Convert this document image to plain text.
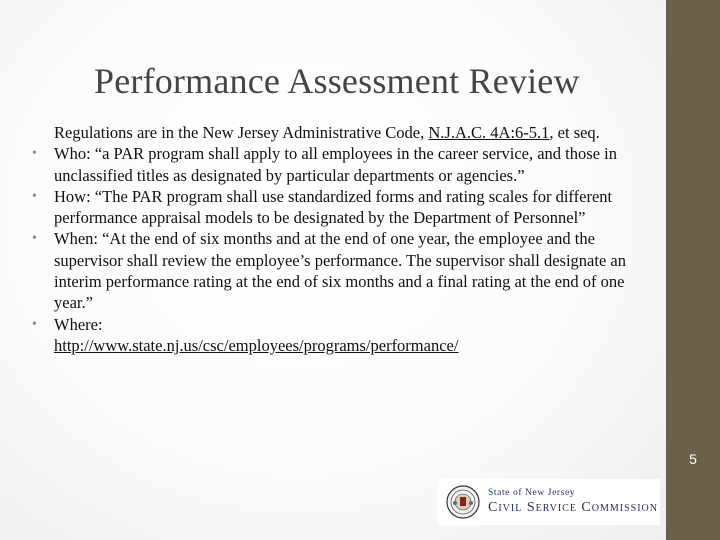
Performance Assessment Review

Regulations are in the New Jersey Administrative Code, N.J.A.C. 4A:6-5.1, et seq.

• Who: “a PAR program shall apply to all employees in the career service, and those in unclassified titles as designated by particular departments or agencies.”

• How: “The PAR program shall use standardized forms and rating scales for different performance appraisal models to be designated by the Department of Personnel”

• When: “At the end of six months and at the end of one year, the employee and the supervisor shall review the employee’s performance. The supervisor shall designate an interim performance rating at the end of six months and a final rating at the end of one year.”

• Where:
http://www.state.nj.us/csc/employees/programs/performance/

State of New Jersey
Civil Service Commission
5
